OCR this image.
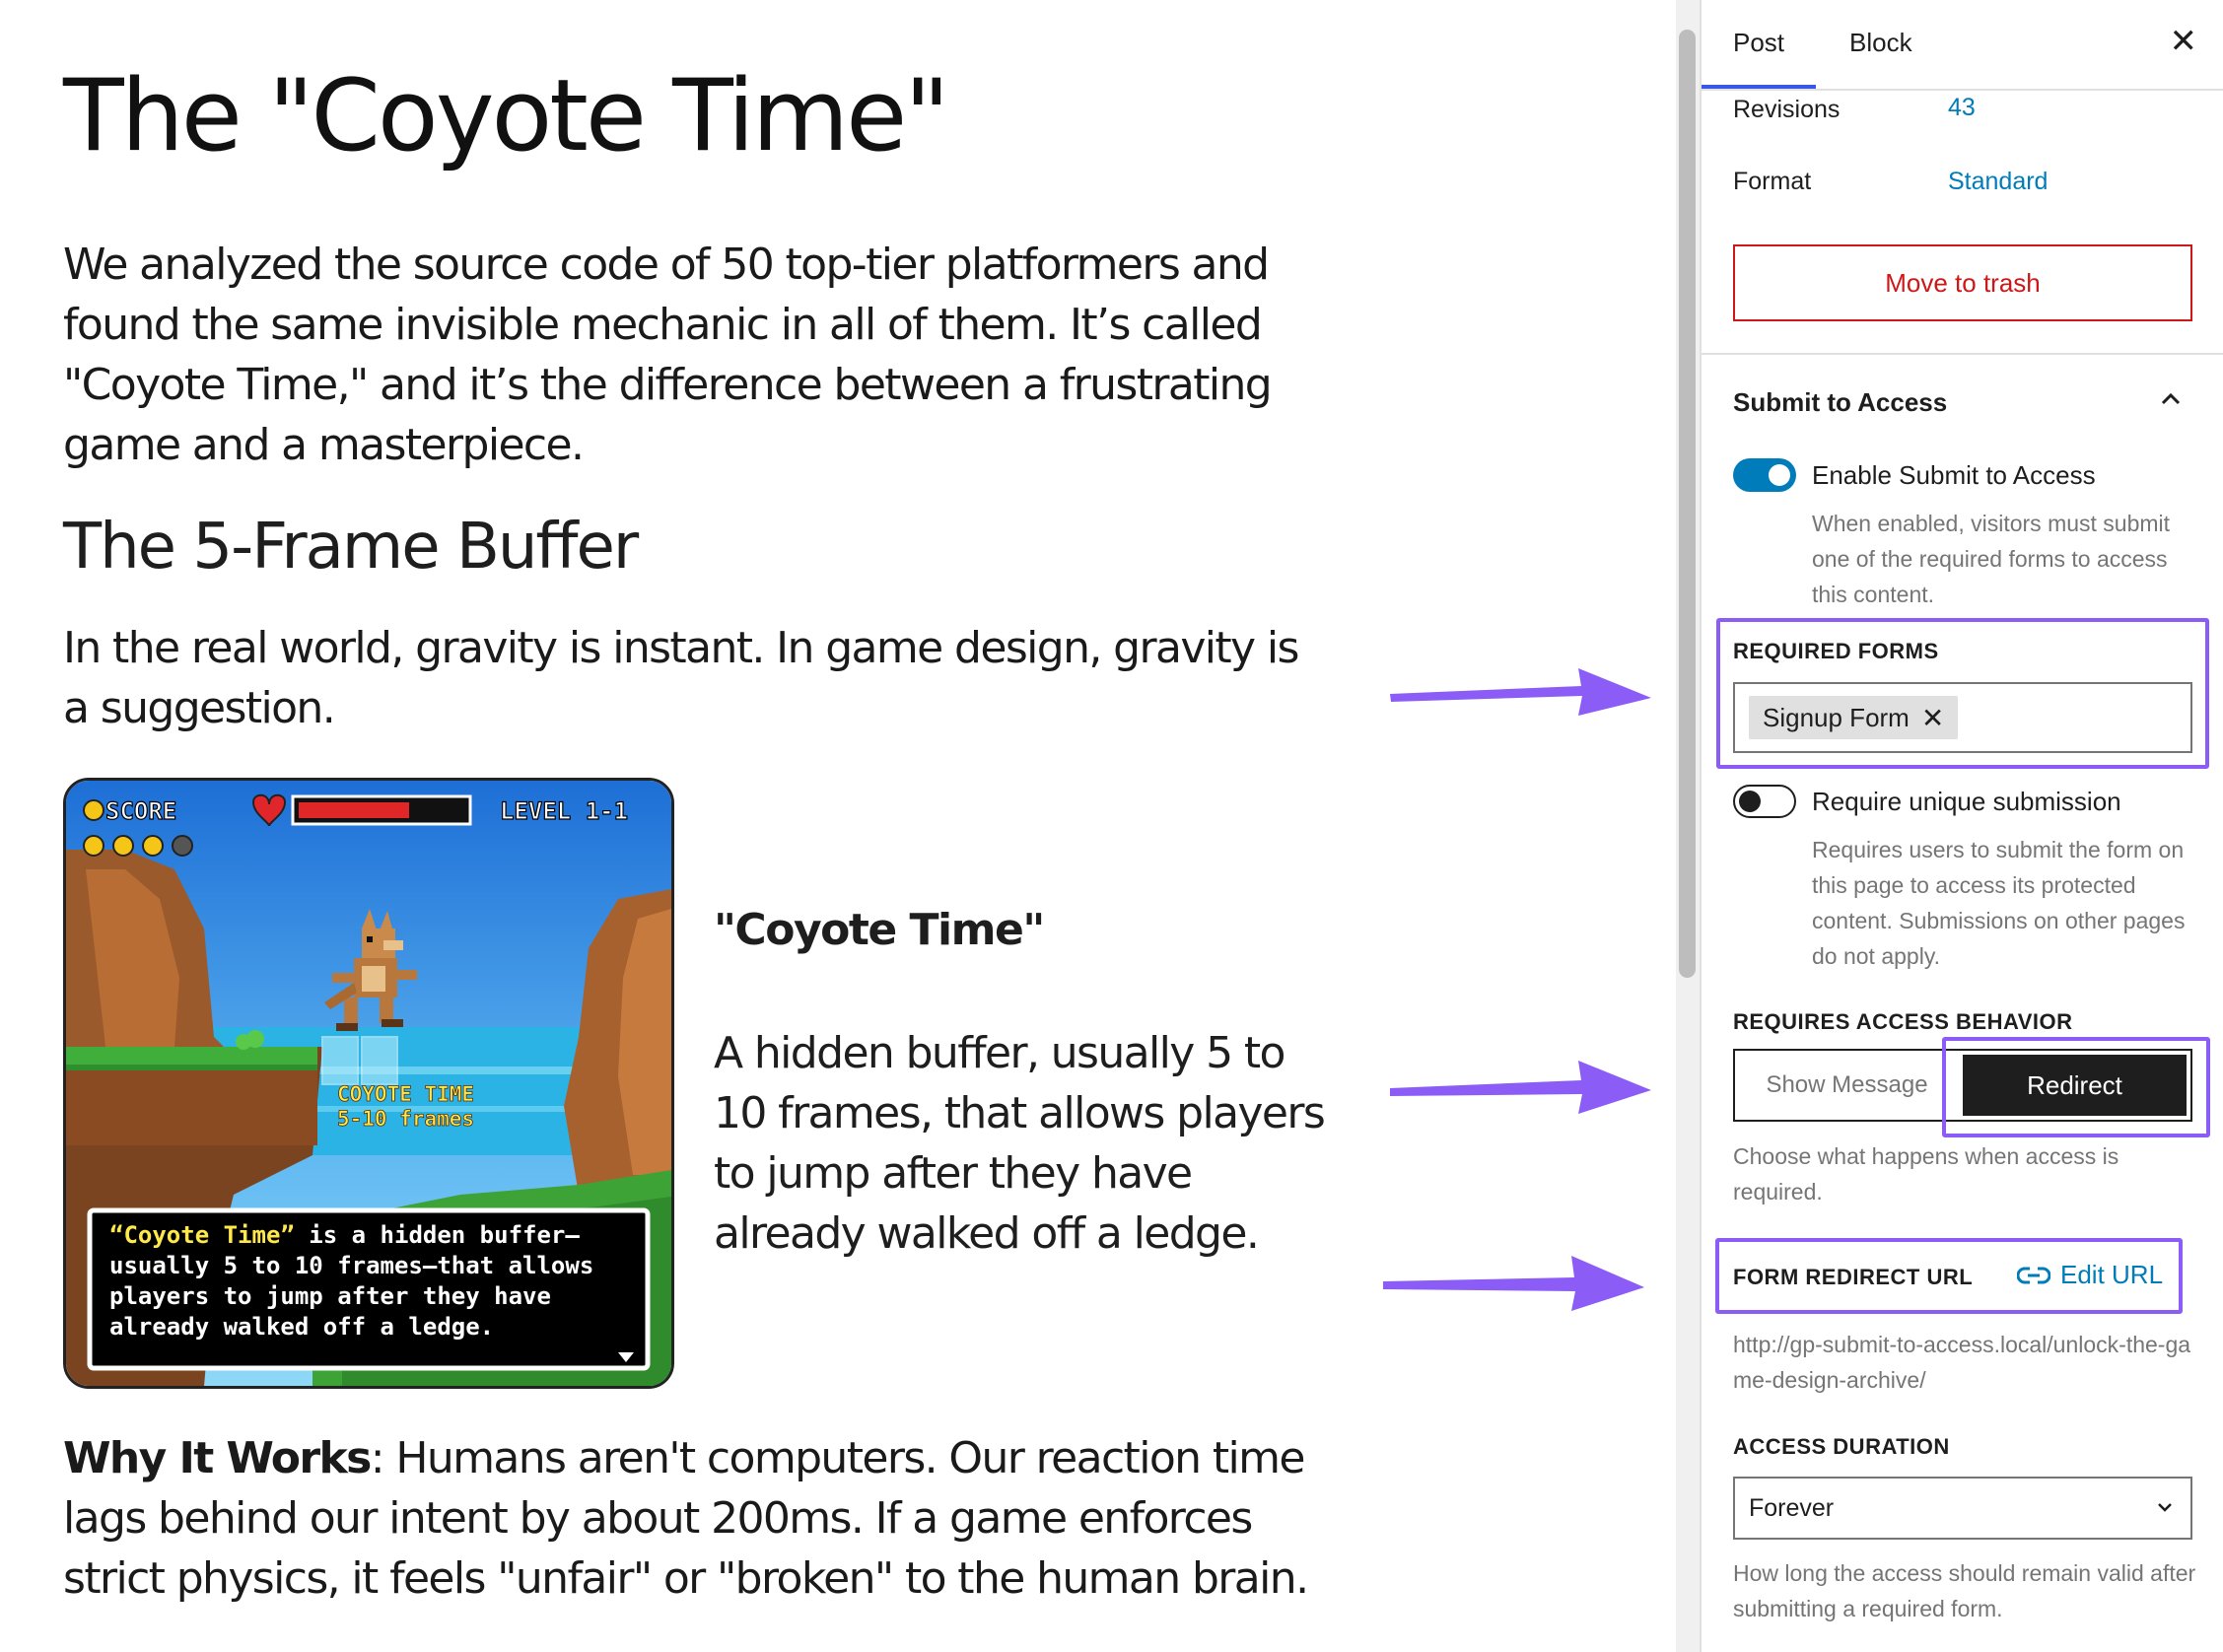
The "Coyote Time"

We analyzed the source code of 50 top-tier platformers and found the same invisible mechanic in all of them. It’s called "Coyote Time," and it’s the difference between a frustrating game and a masterpiece.

The 5-Frame Buffer

In the real world, gravity is instant. In game design, gravity is a suggestion.

COYOTE TIME
5-10 frames
SCORE	LEVEL 1-1
“Coyote Time” is a hidden buffer—usually 5 to 10 frames—that allows players to jump after they have already walked off a ledge.

"Coyote Time"

A hidden buffer, usually 5 to 10 frames, that allows players to jump after they have already walked off a ledge.

Why It Works: Humans aren't computers. Our reaction time lags behind our intent by about 200ms. If a game enforces strict physics, it feels "unfair" or "broken" to the human brain.

Post	Block	✕
Revisions	43
Format	Standard
Move to trash
Submit to Access
Enable Submit to Access
When enabled, visitors must submit one of the required forms to access this content.
REQUIRED FORMS
Signup Form ✕
Require unique submission
Requires users to submit the form on this page to access its protected content. Submissions on other pages do not apply.
REQUIRES ACCESS BEHAVIOR
Show Message	Redirect
Choose what happens when access is required.
FORM REDIRECT URL	Edit URL
http://gp-submit-to-access.local/unlock-the-game-design-archive/
ACCESS DURATION
Forever
How long the access should remain valid after submitting a required form.
